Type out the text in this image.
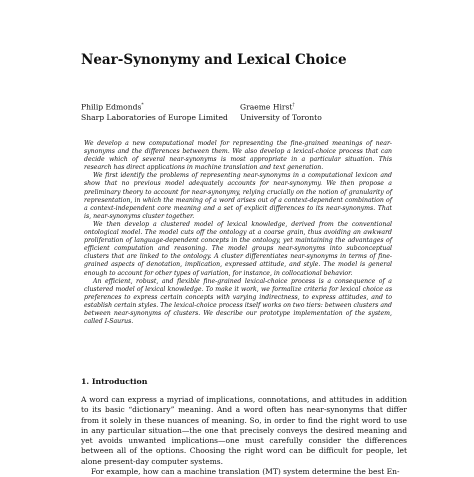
Near-Synonymy and Lexical Choice
Philip Edmonds*
Sharp Laboratories of Europe Limited
Graeme Hirst†
University of Toronto

We develop a new computational model for representing the fine-grained meanings of near-synonyms and the differences between them. We also develop a lexical-choice process that can decide which of several near-synonyms is most appropriate in a particular situation. This research has direct applications in machine translation and text generation.

We first identify the problems of representing near-synonyms in a computational lexicon and show that no previous model adequately accounts for near-synonymy. We then propose a preliminary theory to account for near-synonymy, relying crucially on the notion of granularity of representation, in which the meaning of a word arises out of a context-dependent combination of a context-independent core meaning and a set of explicit differences to its near-synonyms. That is, near-synonyms cluster together.

We then develop a clustered model of lexical knowledge, derived from the conventional ontological model. The model cuts off the ontology at a coarse grain, thus avoiding an awkward proliferation of language-dependent concepts in the ontology, yet maintaining the advantages of efficient computation and reasoning. The model groups near-synonyms into subconceptual clusters that are linked to the ontology. A cluster differentiates near-synonyms in terms of fine-grained aspects of denotation, implication, expressed attitude, and style. The model is general enough to account for other types of variation, for instance, in collocational behavior.

An efficient, robust, and flexible fine-grained lexical-choice process is a consequence of a clustered model of lexical knowledge. To make it work, we formalize criteria for lexical choice as preferences to express certain concepts with varying indirectness, to express attitudes, and to establish certain styles. The lexical-choice process itself works on two tiers: between clusters and between near-synonyms of clusters. We describe our prototype implementation of the system, called I-Saurus.

1. Introduction

A word can express a myriad of implications, connotations, and attitudes in addition to its basic “dictionary” meaning. And a word often has near-synonyms that differ from it solely in these nuances of meaning. So, in order to find the right word to use in any particular situation—the one that precisely conveys the desired meaning and yet avoids unwanted implications—one must carefully consider the differences between all of the options. Choosing the right word can be difficult for people, let alone present-day computer systems.

For example, how can a machine translation (MT) system determine the best En-
